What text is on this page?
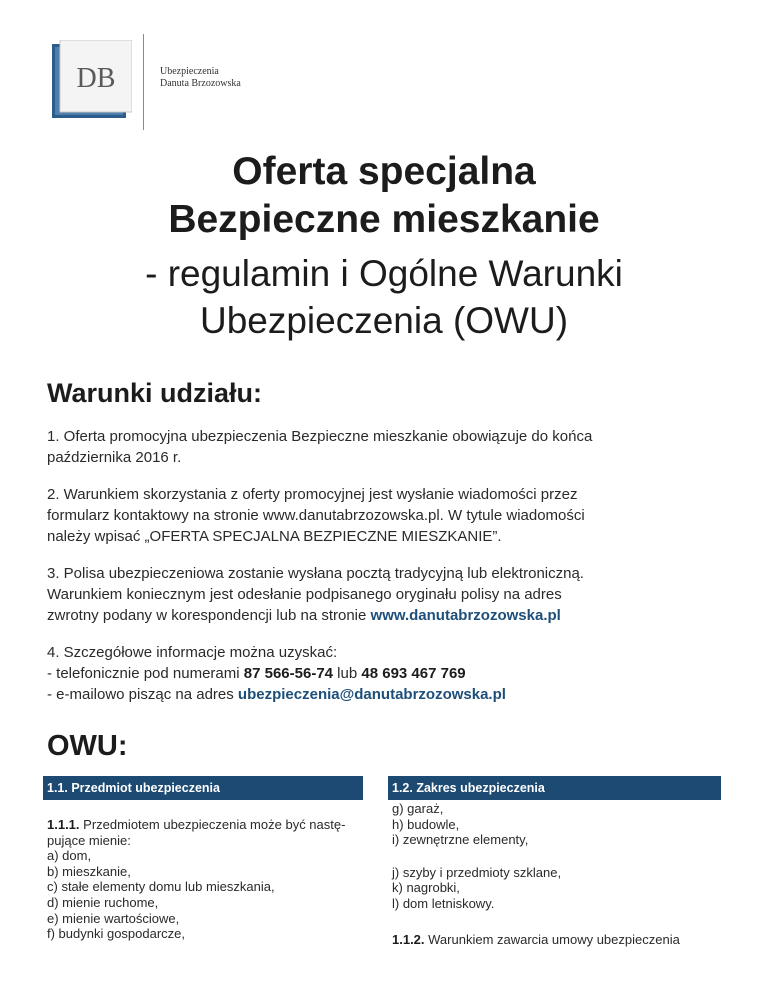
DB	Ubezpieczenia
Danuta Brzozowska
Oferta specjalna
Bezpieczne mieszkanie
- regulamin i Ogólne Warunki
Ubezpieczenia (OWU)
Warunki udziału:
1. Oferta promocyjna ubezpieczenia Bezpieczne mieszkanie obowiązuje do końca
października 2016 r.
2. Warunkiem skorzystania z oferty promocyjnej jest wysłanie wiadomości przez
formularz kontaktowy na stronie www.danutabrzozowska.pl. W tytule wiadomości
należy wpisać „OFERTA SPECJALNA BEZPIECZNE MIESZKANIE”.
3. Polisa ubezpieczeniowa zostanie wysłana pocztą tradycyjną lub elektroniczną.
Warunkiem koniecznym jest odesłanie podpisanego oryginału polisy na adres
zwrotny podany w korespondencji lub na stronie www.danutabrzozowska.pl
4. Szczegółowe informacje można uzyskać:
- telefonicznie pod numerami 87 566-56-74 lub 48 693 467 769
- e-mailowo pisząc na adres ubezpieczenia@danutabrzozowska.pl
OWU:
1.1. Przedmiot ubezpieczenia	1.2. Zakres ubezpieczenia
1.1.1. Przedmiotem ubezpieczenia może być nastę-
pujące mienie:
a) dom,
b) mieszkanie,
c) stałe elementy domu lub mieszkania,
d) mienie ruchome,
e) mienie wartościowe,
f) budynki gospodarcze,
g) garaż,
h) budowle,
i) zewnętrzne elementy,
j) szyby i przedmioty szklane,
k) nagrobki,
l) dom letniskowy.
1.1.2. Warunkiem zawarcia umowy ubezpieczenia
